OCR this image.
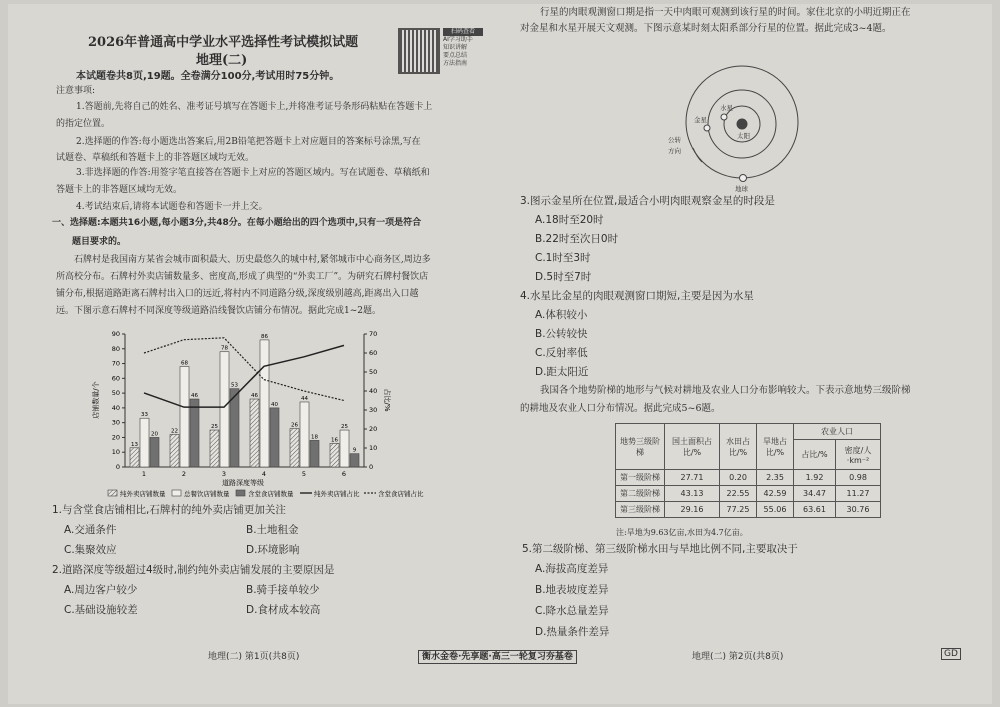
2026年普通高中学业水平选择性考试模拟试题
地理(二)
扫码查看
AI学习助手
知识讲解
要点总结
方法指南
本试题卷共8页,19题。全卷满分100分,考试用时75分钟。
注意事项:
1.答题前,先将自己的姓名、准考证号填写在答题卡上,并将准考证号条形码粘贴在答题卡上
的指定位置。
2.选择题的作答:每小题选出答案后,用2B铅笔把答题卡上对应题目的答案标号涂黑,写在
试题卷、草稿纸和答题卡上的非答题区域均无效。
3.非选择题的作答:用签字笔直接答在答题卡上对应的答题区域内。写在试题卷、草稿纸和
答题卡上的非答题区域均无效。
4.考试结束后,请将本试题卷和答题卡一并上交。
一、选择题:本题共16小题,每小题3分,共48分。在每小题给出的四个选项中,只有一项是符合
题目要求的。
石牌村是我国南方某省会城市面积最大、历史最悠久的城中村,紧邻城市中心商务区,周边多
所高校分布。石牌村外卖店铺数量多、密度高,形成了典型的“外卖工厂”。为研究石牌村餐饮店
铺分布,根据道路距离石牌村出入口的远近,将村内不同道路分级,深度级别越高,距离出入口越
远。下图示意石牌村不同深度等级道路沿线餐饮店铺分布情况。据此完成1~2题。
0
10
20
30
40
50
60
70
80
90
0
10
20
30
40
50
60
70
1	2	3	4	5	6
13
22
25
46
26
16
33
68
78
86
44
25
20
46
53
40
18
9
店铺数量/个	占比/%
道路深度等级
纯外卖店铺数量	总餐饮店铺数量	含堂食店铺数量	纯外卖店铺占比	含堂食店铺占比
太阳
水星
金星
地球
公转
方向
1.与含堂食店铺相比,石牌村的纯外卖店铺更加关注
A.交通条件	B.土地租金
C.集聚效应	D.环境影响
2.道路深度等级超过4级时,制约纯外卖店铺发展的主要原因是
A.周边客户较少	B.骑手接单较少
C.基础设施较差	D.食材成本较高
行星的肉眼观测窗口期是指一天中肉眼可观测到该行星的时间。家住北京的小明近期正在
对金星和水星开展天文观测。下图示意某时刻太阳系部分行星的位置。据此完成3~4题。
3.图示金星所在位置,最适合小明肉眼观察金星的时段是
A.18时至20时
B.22时至次日0时
C.1时至3时
D.5时至7时
4.水星比金星的肉眼观测窗口期短,主要是因为水星
A.体积较小
B.公转较快
C.反射率低
D.距太阳近
我国各个地势阶梯的地形与气候对耕地及农业人口分布影响较大。下表示意地势三级阶梯
的耕地及农业人口分布情况。据此完成5~6题。
地势三级阶梯	国土面积占比/%	水田占比/%	旱地占比/%	农业人口	
				占比/%	密度/人·km⁻²
第一级阶梯	27.71	0.20	2.35	1.92	0.98
第二级阶梯	43.13	22.55	42.59	34.47	11.27
第三级阶梯	29.16	77.25	55.06	63.61	30.76
注:旱地为9.63亿亩,水田为4.7亿亩。
5.第二级阶梯、第三级阶梯水田与旱地比例不同,主要取决于
A.海拔高度差异
B.地表坡度差异
C.降水总量差异
D.热量条件差异
地理(二) 第1页(共8页)	衡水金卷·先享题·高三一轮复习夯基卷	地理(二) 第2页(共8页)	GD
